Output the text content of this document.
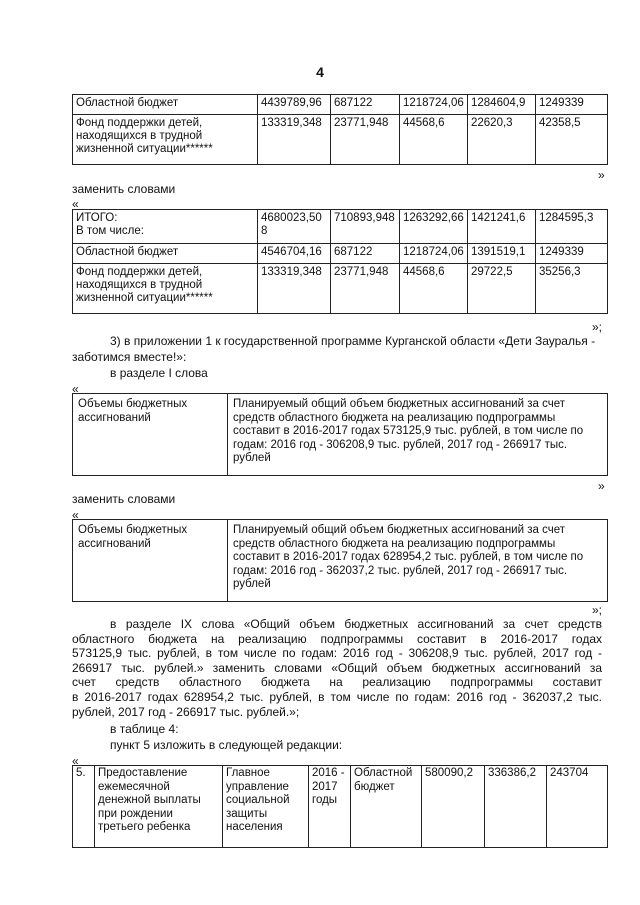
4
Областной бюджет	4439789,96	687122	1218724,06	1284604,9	1249339
Фонд поддержки детей, находящихся в трудной жизненной ситуации******	133319,348	23771,948	44568,6	22620,3	42358,5
»
заменить словами
«
ИТОГО:
В том числе:	4680023,508	710893,948	1263292,66	1421241,6	1284595,3
Областной бюджет	4546704,16	687122	1218724,06	1391519,1	1249339
Фонд поддержки детей, находящихся в трудной жизненной ситуации******	133319,348	23771,948	44568,6	29722,5	35256,3
»;
3) в приложении 1 к государственной программе Курганской области «Дети Зауралья -
заботимся вместе!»:
в разделе I слова
«
Объемы бюджетных ассигнований	Планируемый общий объем бюджетных ассигнований за счет средств областного бюджета на реализацию подпрограммы составит в 2016-2017 годах 573125,9 тыс. рублей, в том числе по годам: 2016 год - 306208,9 тыс. рублей, 2017 год - 266917 тыс. рублей
»
заменить словами
«
Объемы бюджетных ассигнований	Планируемый общий объем бюджетных ассигнований за счет средств областного бюджета на реализацию подпрограммы составит в 2016-2017 годах 628954,2 тыс. рублей, в том числе по годам: 2016 год - 362037,2 тыс. рублей, 2017 год - 266917 тыс. рублей
»;
в разделе IX слова «Общий объем бюджетных ассигнований за счет средств
областного бюджета на реализацию подпрограммы составит в 2016-2017 годах
573125,9 тыс. рублей, в том числе по годам: 2016 год - 306208,9 тыс. рублей, 2017 год -
266917 тыс. рублей.» заменить словами «Общий объем бюджетных ассигнований за
счет средств областного бюджета на реализацию подпрограммы составит
в 2016-2017 годах 628954,2 тыс. рублей, в том числе по годам: 2016 год - 362037,2 тыс.
рублей, 2017 год - 266917 тыс. рублей.»;
в таблице 4:
пункт 5 изложить в следующей редакции:
«
5.	Предоставление ежемесячной денежной выплаты при рождении третьего ребенка	Главное управление социальной защиты населения	2016 - 2017 годы	Областной бюджет	580090,2	336386,2	243704
